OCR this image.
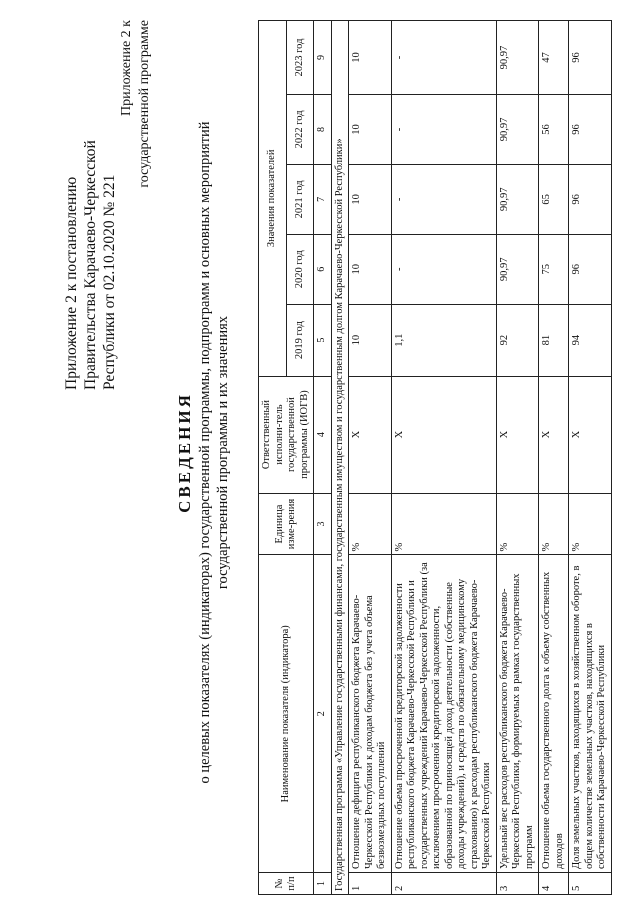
Приложение 2 к постановлению Правительства Карачаево-Черкесской Республики от 02.10.2020 № 221
Приложение 2 к государственной программе
СВЕДЕНИЯ о целевых показателях (индикаторах) государственной программы, подпрограмм и основных мероприятий государственной программы и их значениях
№ п/п	Наименование показателя (индикатора)	Единица изме-рения	Ответственный исполни-тель государственной программы (ИОГВ)	Значения показателей				
				2019 год	2020 год	2021 год	2022 год	2023 год
1	2	3	4	5	6	7	8	9
Государственная программа «Управление государственными финансами, государственным имуществом и государственным долгом Карачаево-Черкесской Республики»								
1	Отношение дефицита республиканского бюджета Карачаево-Черкесской Республики к доходам бюджета без учета объема безвозмездных поступлений	%	Х	10	10	10	10	10
2	Отношение объема просроченной кредиторской задолженности республиканского бюджета Карачаево-Черкесской Республики и государственных учреждений Карачаево-Черкесской Республики (за исключением просроченной кредиторской задолженности, образованной по приносящей доход деятельности (собственные доходы учреждений), и средств по обязательному медицинскому страхованию) к расходам республиканского бюджета Карачаево-Черкесской Республики	%	Х	1,1	-	-	-	-
3	Удельный вес расходов республиканского бюджета Карачаево-Черкесской Республики, формируемых в рамках государственных программ	%	Х	92	90,97	90,97	90,97	90,97
4	Отношение объема государственного долга к объему собственных доходов	%	Х	81	75	65	56	47
5	Доля земельных участков, находящихся в хозяйственном обороте, в общем количестве земельных участков, находящихся в собственности Карачаево-Черкесской Республики	%	Х	94	96	96	96	96
